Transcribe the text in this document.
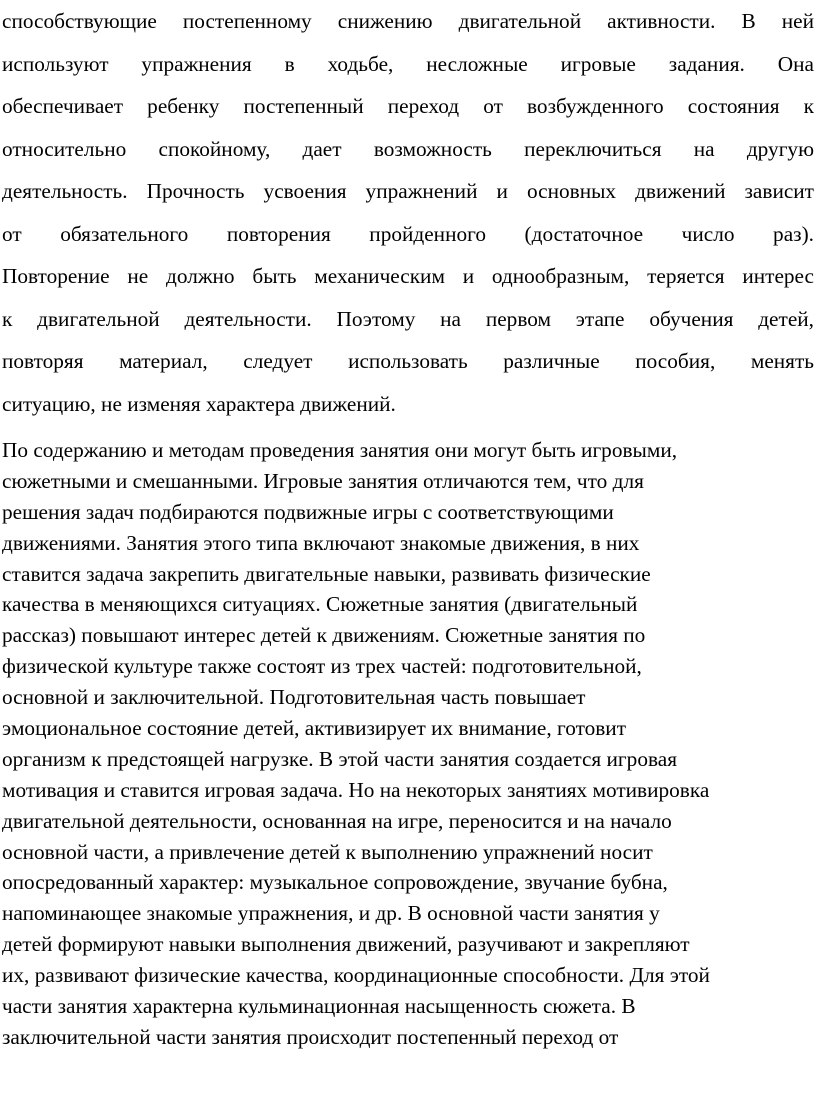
способствующие постепенному снижению двигательной активности. В ней
используют упражнения в ходьбе, несложные игровые задания. Она
обеспечивает ребенку постепенный переход от возбужденного состояния к
относительно спокойному, дает возможность переключиться на другую
деятельность. Прочность усвоения упражнений и основных движений зависит
от обязательного повторения пройденного (достаточное число раз).
Повторение не должно быть механическим и однообразным, теряется интерес
к двигательной деятельности. Поэтому на первом этапе обучения детей,
повторяя материал, следует использовать различные пособия, менять
ситуацию, не изменяя характера движений.
По содержанию и методам проведения занятия они могут быть игровыми,
сюжетными и смешанными. Игровые занятия отличаются тем, что для
решения задач подбираются подвижные игры с соответствующими
движениями. Занятия этого типа включают знакомые движения, в них
ставится задача закрепить двигательные навыки, развивать физические
качества в меняющихся ситуациях. Сюжетные занятия (двигательный
рассказ) повышают интерес детей к движениям. Сюжетные занятия по
физической культуре также состоят из трех частей: подготовительной,
основной и заключительной. Подготовительная часть повышает
эмоциональное состояние детей, активизирует их внимание, готовит
организм к предстоящей нагрузке. В этой части занятия создается игровая
мотивация и ставится игровая задача. Но на некоторых занятиях мотивировка
двигательной деятельности, основанная на игре, переносится и на начало
основной части, а привлечение детей к выполнению упражнений носит
опосредованный характер: музыкальное сопровождение, звучание бубна,
напоминающее знакомые упражнения, и др. В основной части занятия у
детей формируют навыки выполнения движений, разучивают и закрепляют
их, развивают физические качества, координационные способности. Для этой
части занятия характерна кульминационная насыщенность сюжета. В
заключительной части занятия происходит постепенный переход от
